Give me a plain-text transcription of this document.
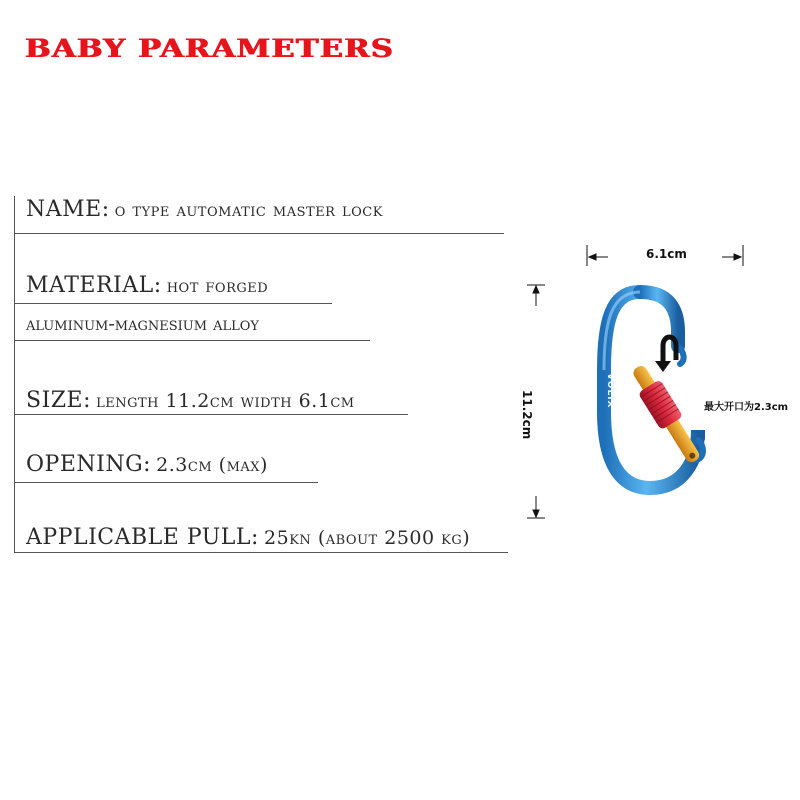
BABY PARAMETERS
NAME: o type automatic master lock
MATERIAL: hot forged
aluminum-magnesium alloy
SIZE: length 11.2cm width 6.1cm
OPENING: 2.3cm (max)
APPLICABLE PULL: 25kn (about 2500 kg)
VOLIX
6.1cm
11.2cm	最大开口为2.3cm
